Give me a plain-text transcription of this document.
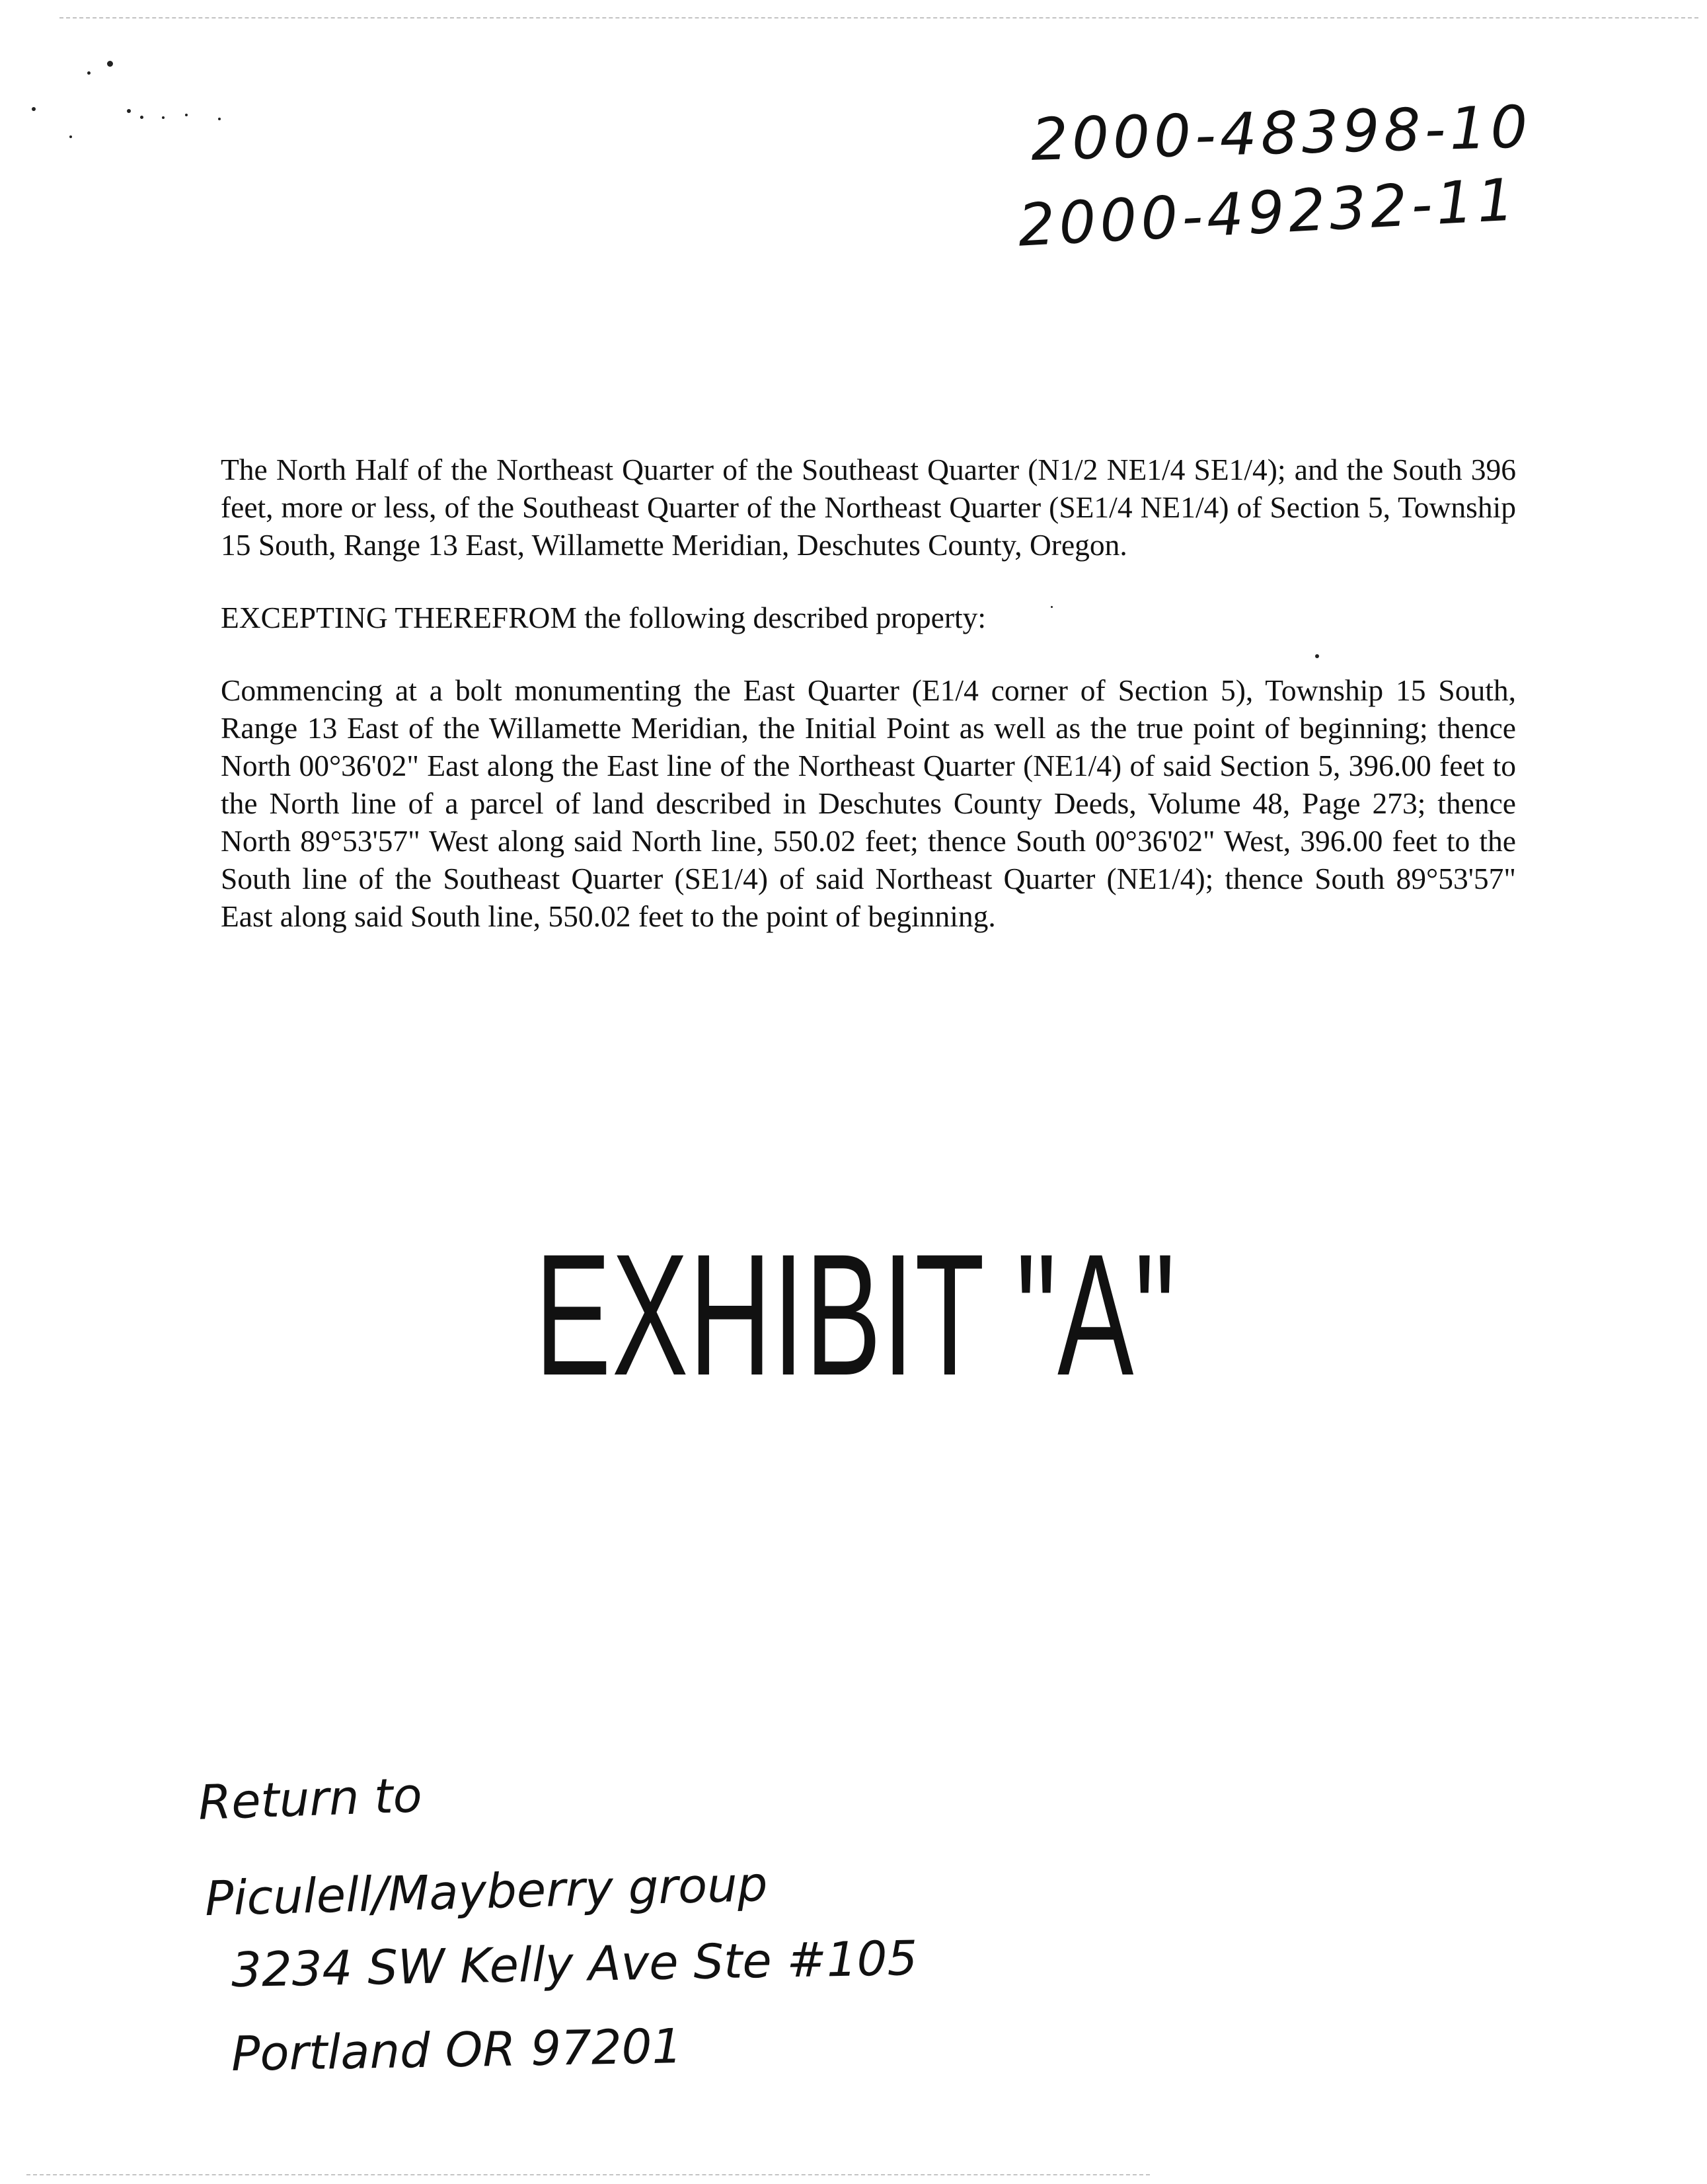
2000-48398-10
2000-49232-11

The North Half of the Northeast Quarter of the Southeast Quarter (N1/2 NE1/4 SE1/4); and the South 396 feet, more or less, of the Southeast Quarter of the Northeast Quarter (SE1/4 NE1/4) of Section 5, Township 15 South, Range 13 East, Willamette Meridian, Deschutes County, Oregon.

EXCEPTING THEREFROM the following described property:

Commencing at a bolt monumenting the East Quarter (E1/4 corner of Section 5), Township 15 South, Range 13 East of the Willamette Meridian, the Initial Point as well as the true point of beginning; thence North 00°36'02" East along the East line of the Northeast Quarter (NE1/4) of said Section 5, 396.00 feet to the North line of a parcel of land described in Deschutes County Deeds, Volume 48, Page 273; thence North 89°53'57" West along said North line, 550.02 feet; thence South 00°36'02" West, 396.00 feet to the South line of the Southeast Quarter (SE1/4) of said Northeast Quarter (NE1/4); thence South 89°53'57" East along said South line, 550.02 feet to the point of beginning.

EXHIBIT "A"
Return to
Piculell/Mayberry group
3234 SW Kelly Ave Ste #105
Portland OR 97201
